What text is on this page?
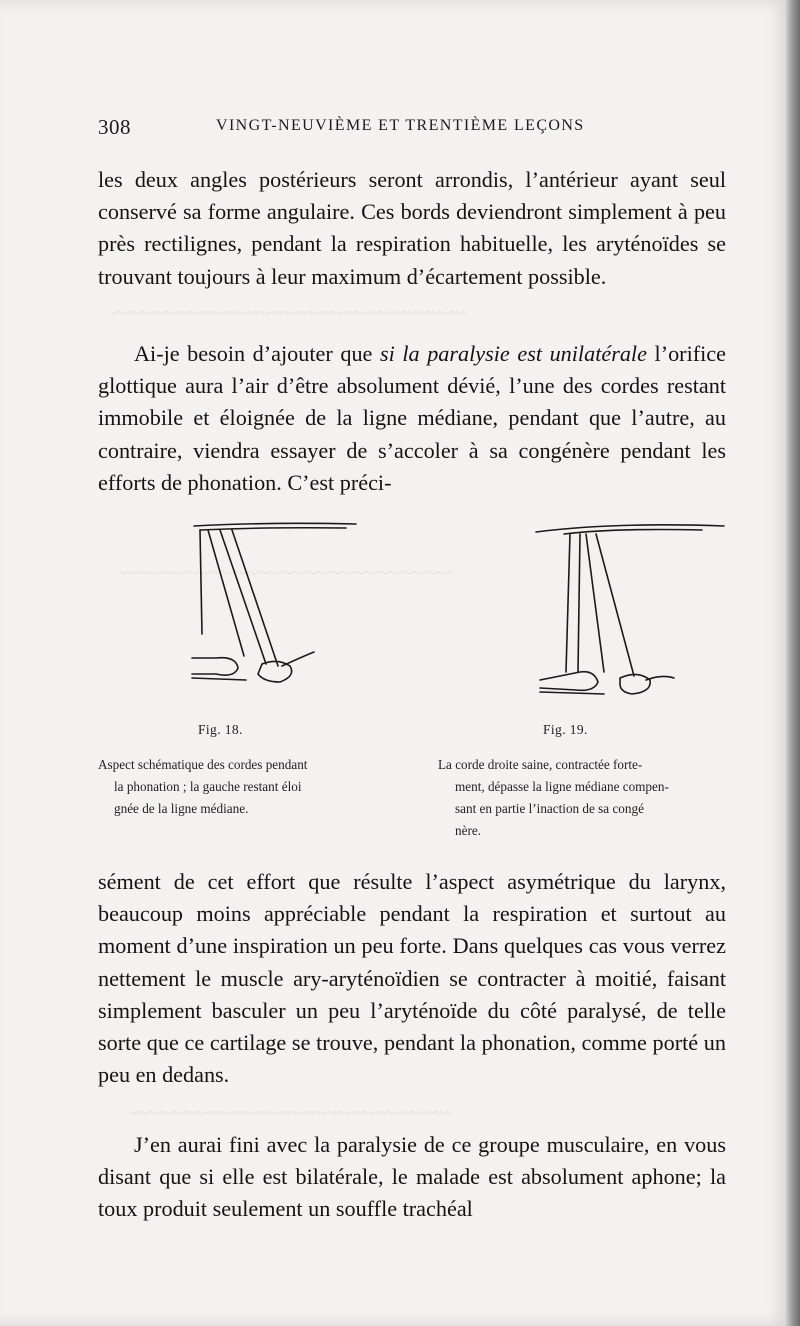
~~~~~~~~~~~~~~~~~~~~~~~~~~~~~~
~~~~~~~~~~~~~~~~~~~~~~~~~~~~
~~~~~~~~~~~~~~~~~~~~~~~~~~~
308	VINGT-NEUVIÈME ET TRENTIÈME LEÇONS

les deux angles postérieurs seront arrondis, l’antérieur ayant seul conservé sa forme angulaire. Ces bords deviendront simplement à peu près rectilignes, pendant la respiration habituelle, les aryténoïdes se trouvant toujours à leur maximum d’écartement possible.

Ai-je besoin d’ajouter que si la paralysie est unilatérale l’orifice glottique aura l’air d’être absolument dévié, l’une des cordes restant immobile et éloignée de la ligne médiane, pendant que l’autre, au contraire, viendra essayer de s’accoler à sa congénère pendant les efforts de phonation. C’est préci-

Fig. 18.	Fig. 19.
Aspect schématique des cordes pendant
la phonation ; la gauche restant éloi
gnée de la ligne médiane.
La corde droite saine, contractée forte-
ment, dépasse la ligne médiane compen-
sant en partie l’inaction de sa congé
nère.

sément de cet effort que résulte l’aspect asymétrique du larynx, beaucoup moins appréciable pendant la respiration et surtout au moment d’une inspiration un peu forte. Dans quelques cas vous verrez nettement le muscle ary-aryténoïdien se contracter à moitié, faisant simplement basculer un peu l’aryténoïde du côté paralysé, de telle sorte que ce cartilage se trouve, pendant la phonation, comme porté un peu en dedans.

J’en aurai fini avec la paralysie de ce groupe musculaire, en vous disant que si elle est bilatérale, le malade est absolument aphone; la toux produit seulement un souffle trachéal
